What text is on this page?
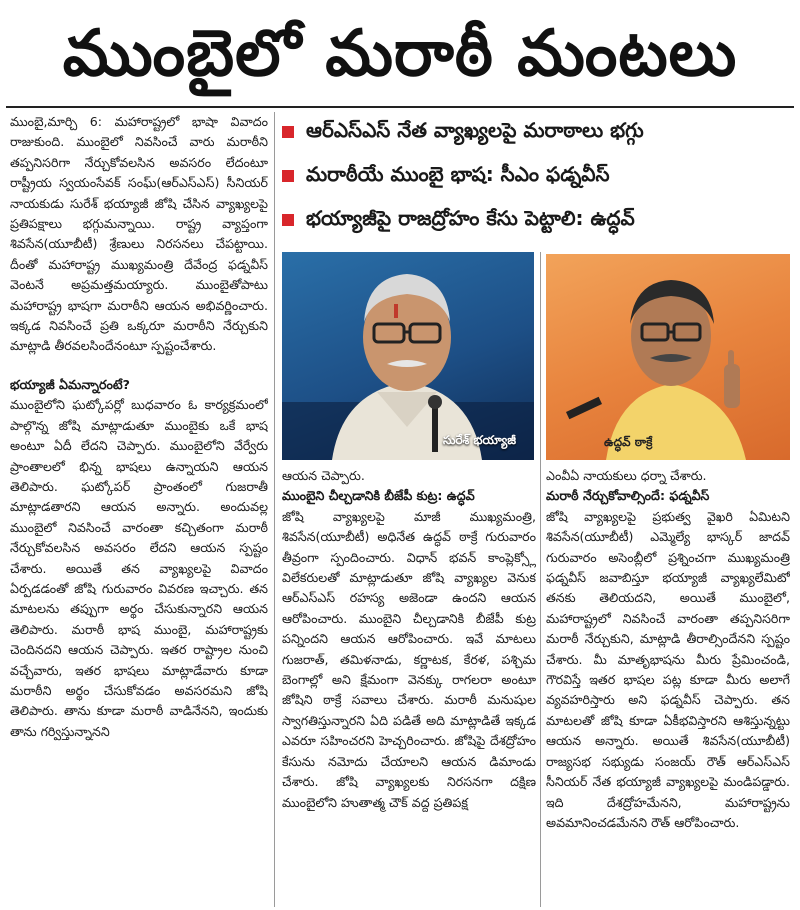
ముంబైలో మరాఠీ మంటలు

ముంబై,మార్చి 6: మహారాష్ట్రలో భాషా వివాదం రాజుకుంది. ముంబైలో నివసించే వారు మరాఠీని తప్పనిసరిగా నేర్చుకోవలసిన అవసరం లేదంటూ రాష్ట్రీయ స్వయంసేవక్ సంఘ్(ఆర్ఎస్ఎస్) సీనియర్ నాయకుడు సురేశ్ భయ్యాజీ జోషి చేసిన వ్యాఖ్యలపై ప్రతిపక్షాలు భగ్గుమన్నాయి. రాష్ట్ర వ్యాప్తంగా శివసేన(యూబీటీ) శ్రేణులు నిరసనలు చేపట్టాయి. దీంతో మహారాష్ట్ర ముఖ్యమంత్రి దేవేంద్ర ఫడ్నవీస్ వెంటనే అప్రమత్తమయ్యారు. ముంబైతోపాటు మహారాష్ట్ర భాషగా మరాఠీని ఆయన అభివర్ణించారు. ఇక్కడ నివసించే ప్రతి ఒక్కరూ మరాఠీని నేర్చుకుని మాట్లాడి తీరవలసిందేనంటూ స్పష్టంచేశారు.

భయ్యాజీ ఏమన్నారంటే?

ముంబైలోని ఘట్కోపర్లో బుధవారం ఓ కార్యక్రమంలో పాల్గొన్న జోషి మాట్లాడుతూ ముంబైకు ఒకే భాష అంటూ ఏదీ లేదని చెప్పారు. ముంబైలోని వేర్వేరు ప్రాంతాలలో భిన్న భాషలు ఉన్నాయని ఆయన తెలిపారు. ఘట్కోపర్ ప్రాంతంలో గుజరాతీ మాట్లాడతారని ఆయన అన్నారు. అందువల్ల ముంబైలో నివసించే వారంతా కచ్చితంగా మరాఠీ నేర్చుకోవలసిన అవసరం లేదని ఆయన స్పష్టం చేశారు. అయితే తన వ్యాఖ్యలపై వివాదం ఏర్పడడంతో జోషి గురువారం వివరణ ఇచ్చారు. తన మాటలను తప్పుగా అర్థం చేసుకున్నారని ఆయన తెలిపారు. మరాఠీ భాష ముంబై, మహారాష్ట్రకు చెందినదని ఆయన చెప్పారు. ఇతర రాష్ట్రాల నుంచి వచ్చేవారు, ఇతర భాషలు మాట్లాడేవారు కూడా మరాఠీని అర్థం చేసుకోవడం అవసరమని జోషి తెలిపారు. తాను కూడా మరాఠీ వాడినేనని, ఇందుకు తాను గర్విస్తున్నానని

ఆర్ఎస్ఎస్ నేత వ్యాఖ్యలపై మరాఠాలు భగ్గు
మరాఠీయే ముంబై భాష: సీఎం ఫడ్నవీస్
భయ్యాజీపై రాజద్రోహం కేసు పెట్టాలి: ఉద్ధవ్
సురేశ్ భయ్యాజీ	ఉద్ధవ్ ఠాక్రే

ఆయన చెప్పారు.

ముంబైని చీల్చడానికి బీజేపీ కుట్ర: ఉద్ధవ్

జోషి వ్యాఖ్యలపై మాజీ ముఖ్యమంత్రి, శివసేన(యూబీటీ) అధినేత ఉద్ధవ్ ఠాక్రే గురువారం తీవ్రంగా స్పందించారు. విధాన్ భవన్ కాంప్లెక్స్లో విలేకరులతో మాట్లాడుతూ జోషి వ్యాఖ్యల వెనుక ఆర్ఎస్ఎస్ రహస్య అజెండా ఉందని ఆయన ఆరోపించారు. ముంబైని చీల్చడానికి బీజేపీ కుట్ర పన్నిందని ఆయన ఆరోపించారు. ఇవే మాటలు గుజరాత్, తమిళనాడు, కర్ణాటక, కేరళ, పశ్చిమ బెంగాల్లో అని క్షేమంగా వెనక్కు రాగలరా అంటూ జోషిని ఠాక్రే సవాలు చేశారు. మరాఠీ మనుషుల స్వాగతిస్తున్నారని ఏది పడితే అది మాట్లాడితే ఇక్కడ ఎవరూ సహించరని హెచ్చరించారు. జోషిపై దేశద్రోహం కేసును నమోదు చేయాలని ఆయన డిమాండు చేశారు. జోషి వ్యాఖ్యలకు నిరసనగా దక్షిణ ముంబైలోని హుతాత్మ చౌక్ వద్ద ప్రతిపక్ష

ఎంవీఏ నాయకులు ధర్నా చేశారు.

మరాఠీ నేర్చుకోవాల్సిందే: ఫడ్నవీస్

జోషి వ్యాఖ్యలపై ప్రభుత్వ వైఖరి ఏమిటని శివసేన(యూబీటీ) ఎమ్మెల్యే భాస్కర్ జాదవ్ గురువారం అసెంబ్లీలో ప్రశ్నించగా ముఖ్యమంత్రి ఫడ్నవీస్ జవాబిస్తూ భయ్యాజీ వ్యాఖ్యలేమిటో తనకు తెలియదని, అయితే ముంబైలో, మహారాష్ట్రలో నివసించే వారంతా తప్పనిసరిగా మరాఠీ నేర్చుకుని, మాట్లాడి తీరాల్సిందేనని స్పష్టం చేశారు. మీ మాతృభాషను మీరు ప్రేమించండి, గౌరవిస్తే ఇతర భాషల పట్ల కూడా మీరు అలాగే వ్యవహరిస్తారు అని ఫడ్నవీస్ చెప్పారు. తన మాటలతో జోషి కూడా ఏకీభవిస్తారని ఆశిస్తున్నట్టు ఆయన అన్నారు. అయితే శివసేన(యూబీటీ) రాజ్యసభ సభ్యుడు సంజయ్ రౌత్ ఆర్ఎస్ఎస్ సీనియర్ నేత భయ్యాజీ వ్యాఖ్యలపై మండిపడ్డారు. ఇది దేశద్రోహమేనని, మహారాష్ట్రను అవమానించడమేనని రౌత్ ఆరోపించారు.
